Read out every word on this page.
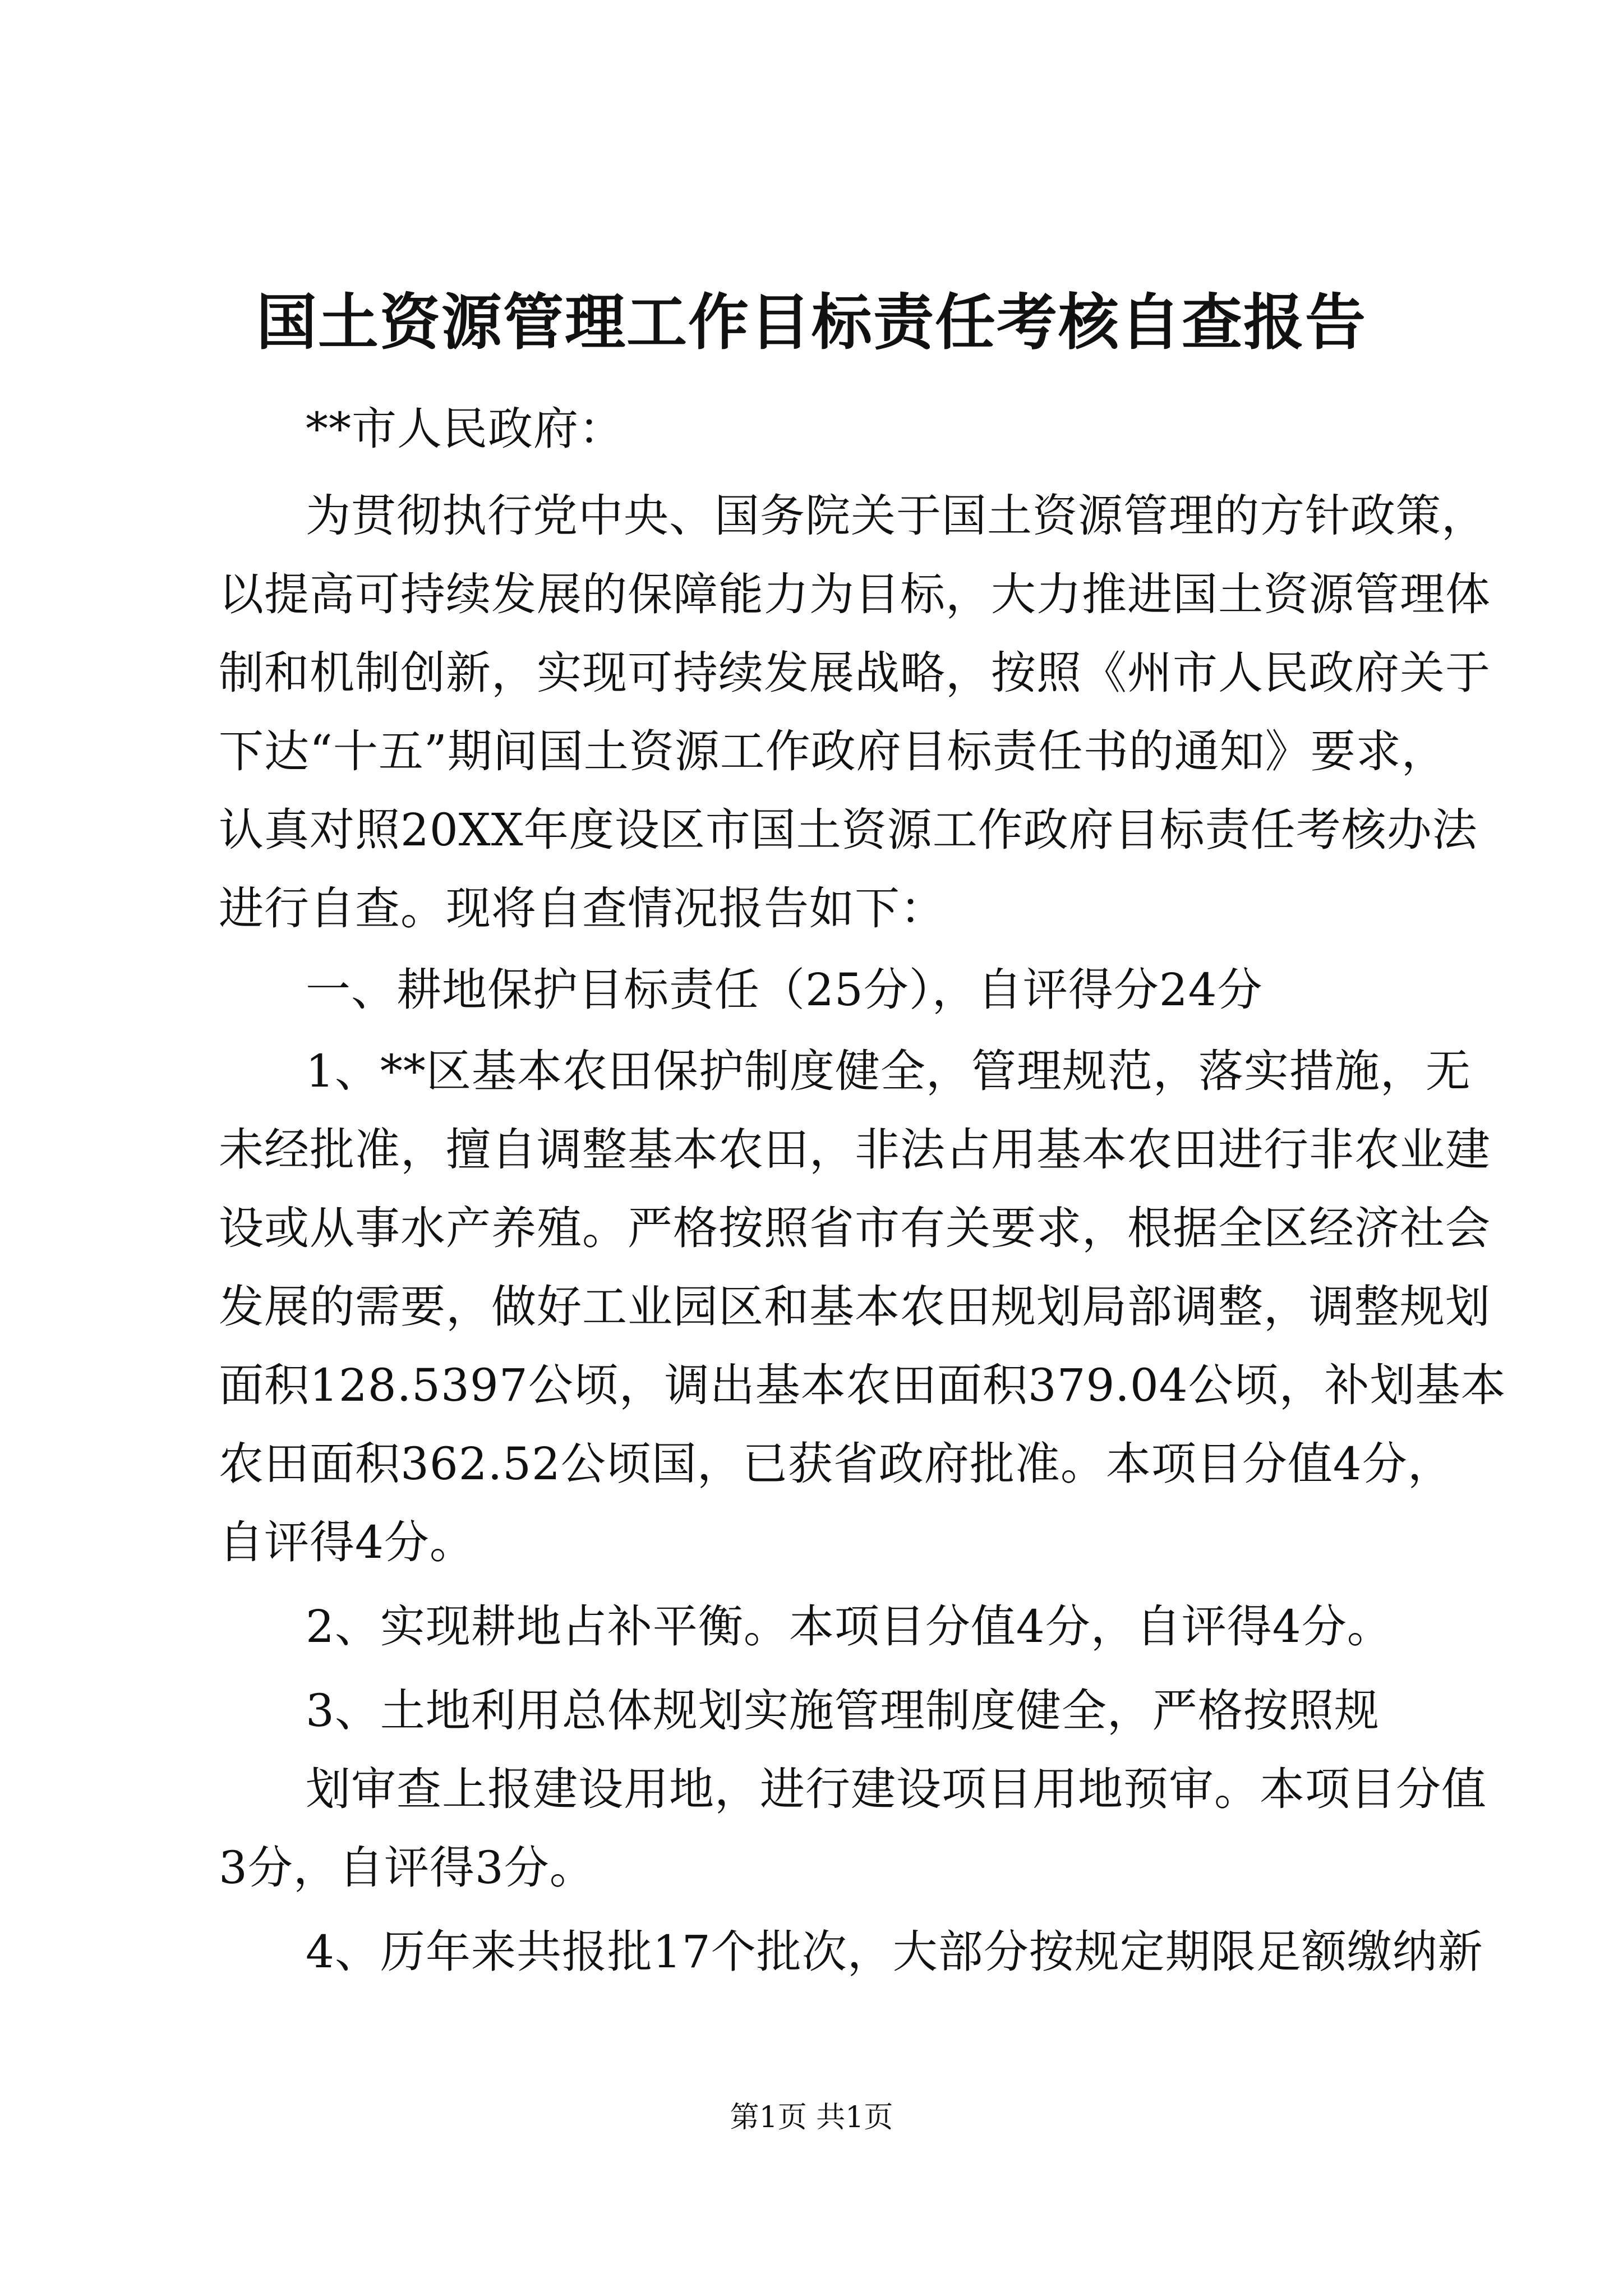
国土资源管理工作目标责任考核自查报告
**市人民政府：
为贯彻执行党中央、国务院关于国土资源管理的方针政策，
以提高可持续发展的保障能力为目标，大力推进国土资源管理体
制和机制创新，实现可持续发展战略，按照《州市人民政府关于
下达“十五”期间国土资源工作政府目标责任书的通知》要求，
认真对照20XX年度设区市国土资源工作政府目标责任考核办法
进行自查。现将自查情况报告如下：
一、耕地保护目标责任（25分），自评得分24分
1、**区基本农田保护制度健全，管理规范，落实措施，无
未经批准，擅自调整基本农田，非法占用基本农田进行非农业建
设或从事水产养殖。严格按照省市有关要求，根据全区经济社会
发展的需要，做好工业园区和基本农田规划局部调整，调整规划
面积128.5397公顷，调出基本农田面积379.04公顷，补划基本
农田面积362.52公顷国，已获省政府批准。本项目分值4分，
自评得4分。
2、实现耕地占补平衡。本项目分值4分，自评得4分。
3、土地利用总体规划实施管理制度健全，严格按照规
划审查上报建设用地，进行建设项目用地预审。本项目分值
3分，自评得3分。
4、历年来共报批17个批次，大部分按规定期限足额缴纳新
第1页 共1页
